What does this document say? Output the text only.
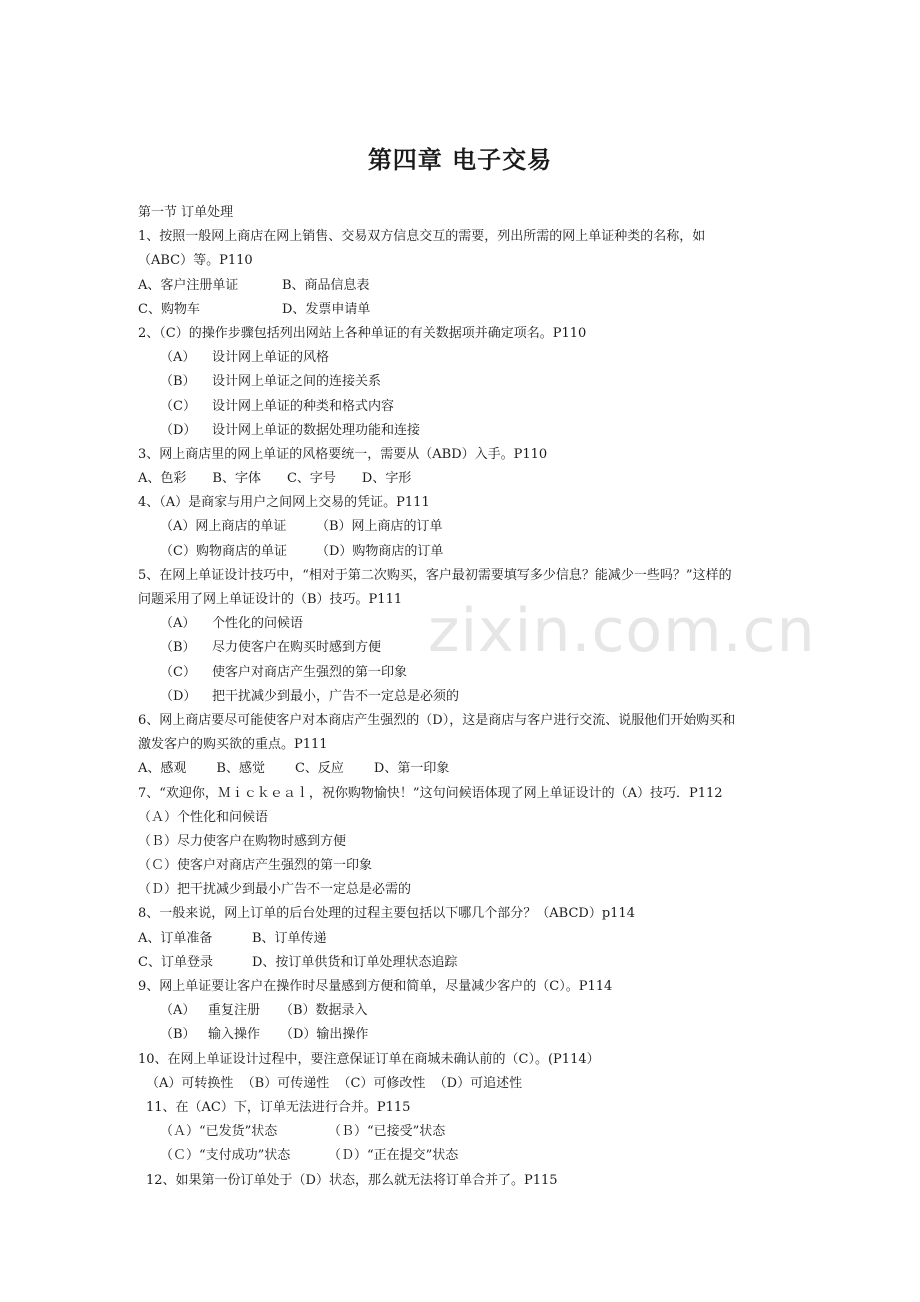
第四章 电子交易
zixin.com.cn
第一节 订单处理
1、按照一般网上商店在网上销售、交易双方信息交互的需要，列出所需的网上单证种类的名称，如
（ABC）等。P110
A、客户注册单证	B、商品信息表
C、购物车	D、发票申请单
2、（C）的操作步骤包括列出网站上各种单证的有关数据项并确定项名。P110
（A） 设计网上单证的风格
（B） 设计网上单证之间的连接关系
（C） 设计网上单证的种类和格式内容
（D） 设计网上单证的数据处理功能和连接
3、网上商店里的网上单证的风格要统一，需要从（ABD）入手。P110
A、色彩 B、字体 C、字号 D、字形
4、（A）是商家与用户之间网上交易的凭证。P111
（A）网上商店的单证 （B）网上商店的订单
（C）购物商店的单证 （D）购物商店的订单
5、在网上单证设计技巧中，“相对于第二次购买，客户最初需要填写多少信息？能减少一些吗？”这样的
问题采用了网上单证设计的（B）技巧。P111
（A） 个性化的问候语
（B） 尽力使客户在购买时感到方便
（C） 使客户对商店产生强烈的第一印象
（D） 把干扰减少到最小，广告不一定总是必须的
6、网上商店要尽可能使客户对本商店产生强烈的（D），这是商店与客户进行交流、说服他们开始购买和
激发客户的购买欲的重点。P111
A、感观 B、感觉 C、反应 D、第一印象
7、“欢迎你，Ｍｉｃｋｅａｌ，祝你购物愉快！”这句问候语体现了网上单证设计的（A）技巧．P112
（Ａ）个性化和问候语
（Ｂ）尽力使客户在购物时感到方便
（Ｃ）使客户对商店产生强烈的第一印象
（Ｄ）把干扰减少到最小广告不一定总是必需的
8、一般来说，网上订单的后台处理的过程主要包括以下哪几个部分？（ABCD）p114
A、订单准备	B、订单传递
C、订单登录	D、按订单供货和订单处理状态追踪
9、网上单证要让客户在操作时尽量感到方便和简单，尽量减少客户的（C）。P114
（A） 重复注册 （B）数据录入
（B） 输入操作 （D）输出操作
10、在网上单证设计过程中，要注意保证订单在商城未确认前的（C）。(P114）
（A）可转换性  （B）可传递性  （C）可修改性  （D）可追述性
11、在（AC）下，订单无法进行合并。P115
（Ａ）“已发货”状态	（Ｂ）“已接受”状态
（Ｃ）“支付成功”状态	（Ｄ）“正在提交”状态
12、如果第一份订单处于（D）状态，那么就无法将订单合并了。P115
